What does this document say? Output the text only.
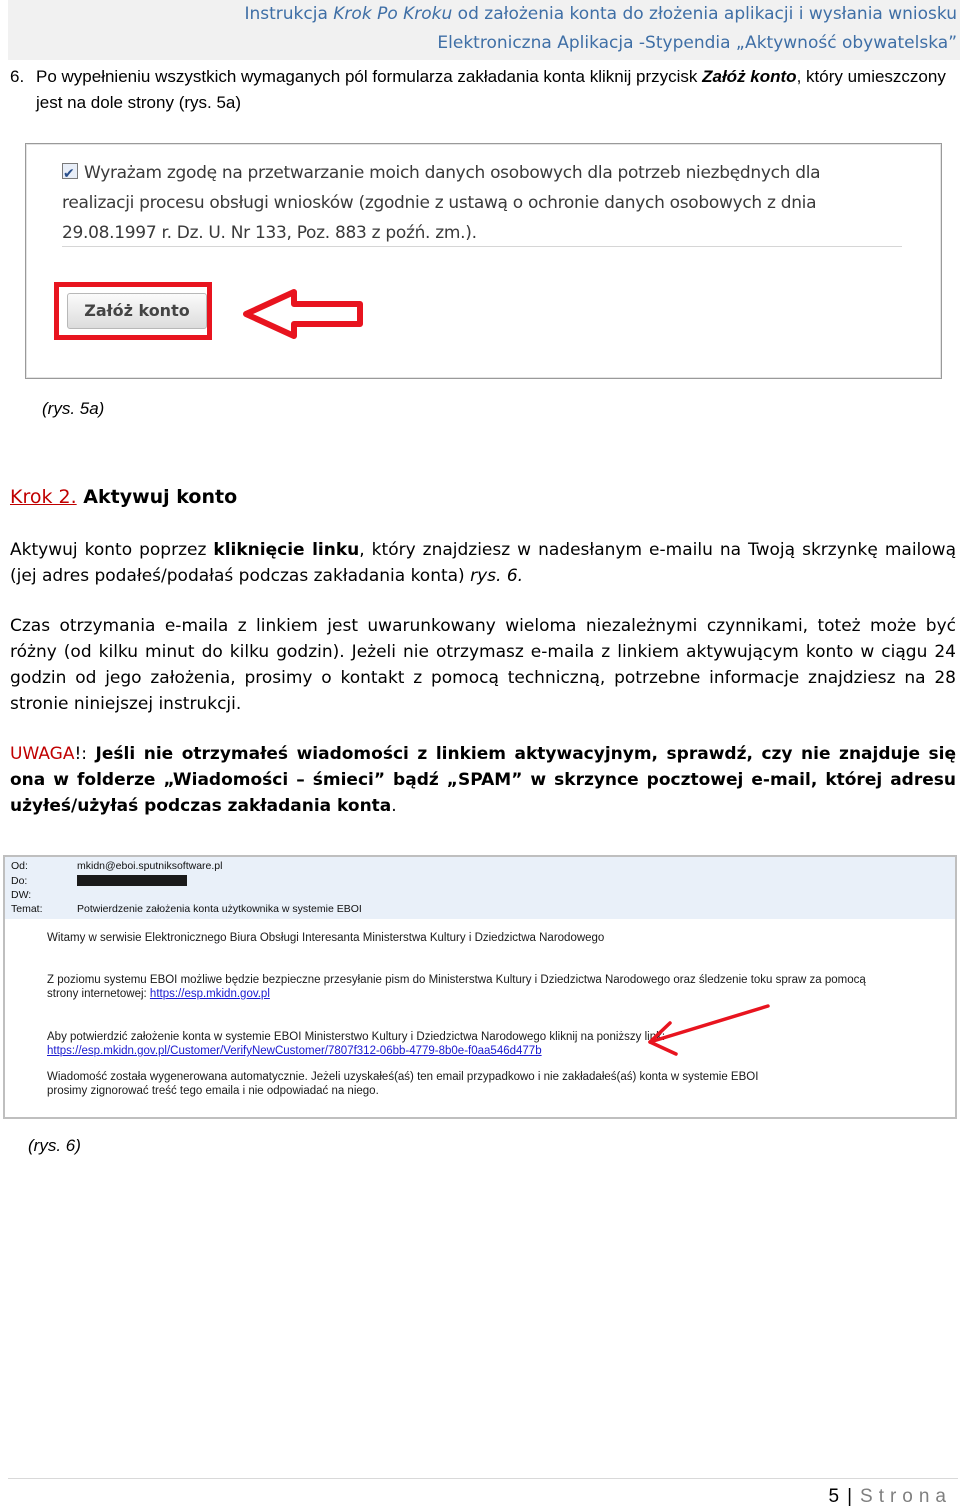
Instrukcja Krok Po Kroku od założenia konta do złożenia aplikacji i wysłania wniosku
Elektroniczna Aplikacja -Stypendia „Aktywność obywatelska”
6. Po wypełnieniu wszystkich wymaganych pól formularza zakładania konta kliknij przycisk Załóż konto, który umieszczony jest na dole strony (rys. 5a)
✔Wyrażam zgodę na przetwarzanie moich danych osobowych dla potrzeb niezbędnych dla realizacji procesu obsługi wniosków (zgodnie z ustawą o ochronie danych osobowych z dnia 29.08.1997 r. Dz. U. Nr 133, Poz. 883 z poźń. zm.).
Załóż konto
(rys. 5a)
Krok 2. Aktywuj konto
Aktywuj konto poprzez kliknięcie linku, który znajdziesz w nadesłanym e-mailu na Twoją skrzynkę mailową (jej adres podałeś/podałaś podczas zakładania konta) rys. 6.
Czas otrzymania e-maila z linkiem jest uwarunkowany wieloma niezależnymi czynnikami, toteż może być różny (od kilku minut do kilku godzin). Jeżeli nie otrzymasz e-maila z linkiem aktywującym konto w ciągu 24 godzin od jego założenia, prosimy o kontakt z pomocą techniczną, potrzebne informacje znajdziesz na 28 stronie niniejszej instrukcji.
UWAGA!: Jeśli nie otrzymałeś wiadomości z linkiem aktywacyjnym, sprawdź, czy nie znajduje się ona w folderze „Wiadomości – śmieci” bądź „SPAM” w skrzynce pocztowej e-mail, której adresu użyłeś/użyłaś podczas zakładania konta.
Od:	mkidn@eboi.sputniksoftware.pl
Do:
DW:
Temat:	Potwierdzenie założenia konta użytkownika w systemie EBOI
Witamy w serwisie Elektronicznego Biura Obsługi Interesanta Ministerstwa Kultury i Dziedzictwa Narodowego
Z poziomu systemu EBOI możliwe będzie bezpieczne przesyłanie pism do Ministerstwa Kultury i Dziedzictwa Narodowego oraz śledzenie toku spraw za pomocą
strony internetowej: https://esp.mkidn.gov.pl
Aby potwierdzić założenie konta w systemie EBOI Ministerstwo Kultury i Dziedzictwa Narodowego kliknij na poniższy link:
https://esp.mkidn.gov.pl/Customer/VerifyNewCustomer/7807f312-06bb-4779-8b0e-f0aa546d477b
Wiadomość została wygenerowana automatycznie. Jeżeli uzyskałeś(aś) ten email przypadkowo i nie zakładałeś(aś) konta w systemie EBOI
prosimy zignorować treść tego emaila i nie odpowiadać na niego.
(rys. 6)
5 | Strona
